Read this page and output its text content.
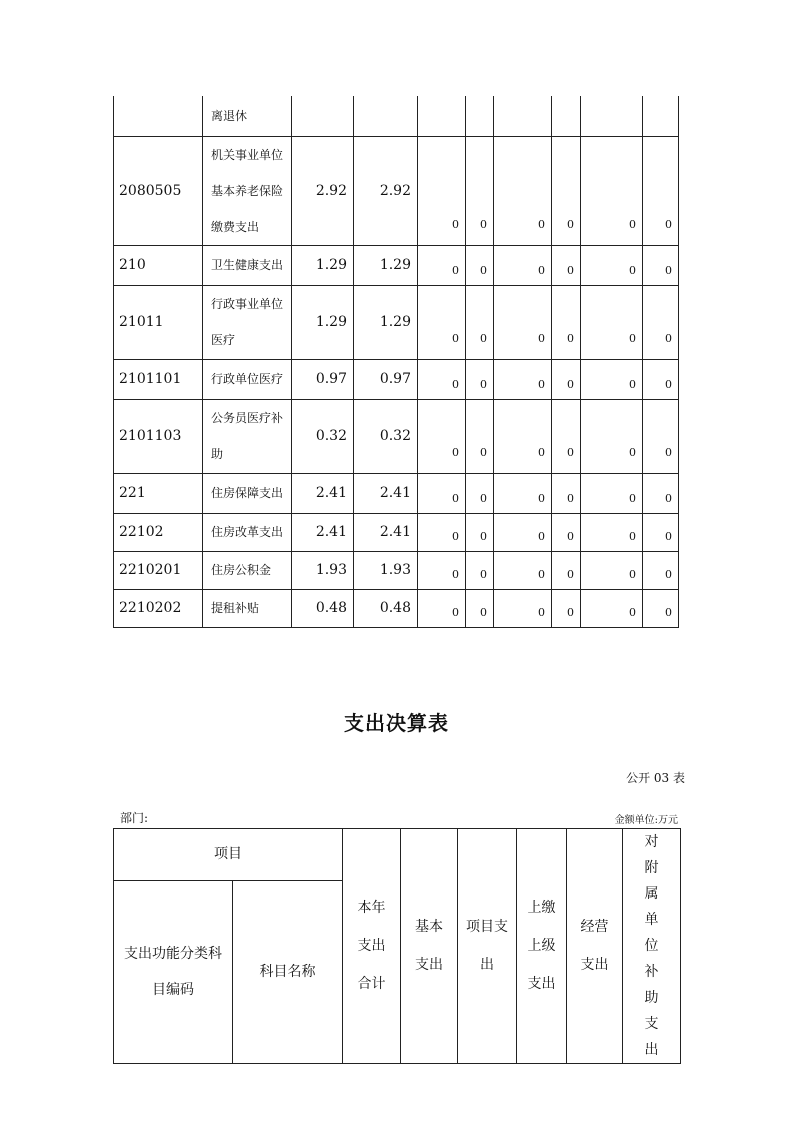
	离退休								
2080505	机关事业单位基本养老保险缴费支出	2.92	2.92	0	0	0	0	0	0
210	卫生健康支出	1.29	1.29	0	0	0	0	0	0
21011	行政事业单位医疗	1.29	1.29	0	0	0	0	0	0
2101101	行政单位医疗	0.97	0.97	0	0	0	0	0	0
2101103	公务员医疗补助	0.32	0.32	0	0	0	0	0	0
221	住房保障支出	2.41	2.41	0	0	0	0	0	0
22102	住房改革支出	2.41	2.41	0	0	0	0	0	0
2210201	住房公积金	1.93	1.93	0	0	0	0	0	0
2210202	提租补贴	0.48	0.48	0	0	0	0	0	0
支出决算表
公开 03 表
部门:	金额单位:万元
项目		本年支出合计	基本支出	项目支出	上缴上级支出	经营支出	对附属单位补助支出
支出功能分类科目编码	科目名称						
